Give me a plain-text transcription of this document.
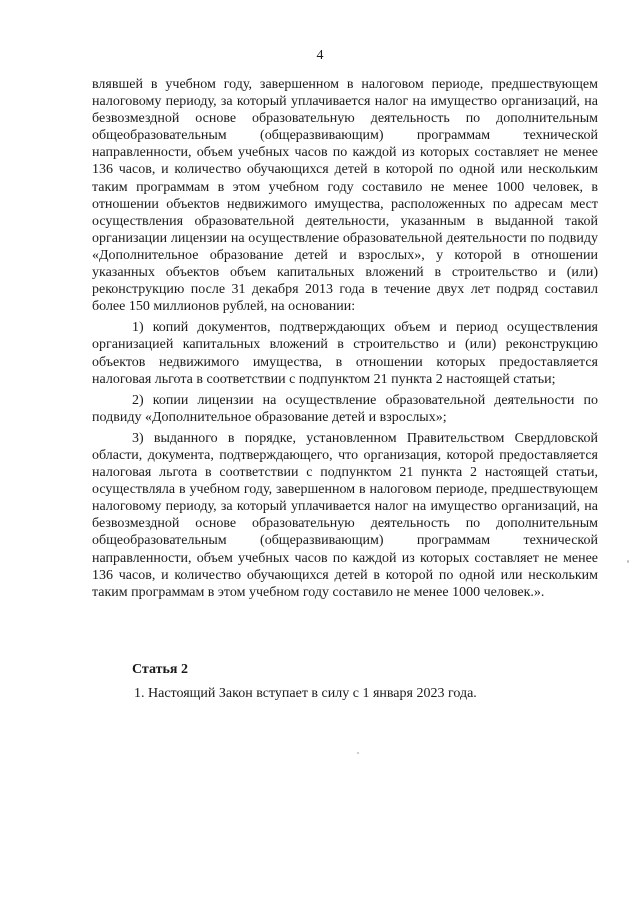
4

влявшей в учебном году, завершенном в налоговом периоде, предшествующем налоговому периоду, за который уплачивается налог на имущество организаций, на безвозмездной основе образовательную деятельность по дополнительным общеобразовательным (общеразвивающим) программам технической направленности, объем учебных часов по каждой из которых составляет не менее 136 часов, и количество обучающихся детей в которой по одной или нескольким таким программам в этом учебном году составило не менее 1000 человек, в отношении объектов недвижимого имущества, расположенных по адресам мест осуществления образовательной деятельности, указанным в выданной такой организации лицензии на осуществление образовательной деятельности по подвиду «Дополнительное образование детей и взрослых», у которой в отношении указанных объектов объем капитальных вложений в строительство и (или) реконструкцию после 31 декабря 2013 года в течение двух лет подряд составил более 150 миллионов рублей, на основании:

1) копий документов, подтверждающих объем и период осуществления организацией капитальных вложений в строительство и (или) реконструкцию объектов недвижимого имущества, в отношении которых предоставляется налоговая льгота в соответствии с подпунктом 21 пункта 2 настоящей статьи;

2) копии лицензии на осуществление образовательной деятельности по подвиду «Дополнительное образование детей и взрослых»;

3) выданного в порядке, установленном Правительством Свердловской области, документа, подтверждающего, что организация, которой предоставляется налоговая льгота в соответствии с подпунктом 21 пункта 2 настоящей статьи, осуществляла в учебном году, завершенном в налоговом периоде, предшествующем налоговому периоду, за который уплачивается налог на имущество организаций, на безвозмездной основе образовательную деятельность по дополнительным общеобразовательным (общеразвивающим) программам технической направленности, объем учебных часов по каждой из которых составляет не менее 136 часов, и количество обучающихся детей в которой по одной или нескольким таким программам в этом учебном году составило не менее 1000 человек.».

Статья 2
1. Настоящий Закон вступает в силу с 1 января 2023 года.
